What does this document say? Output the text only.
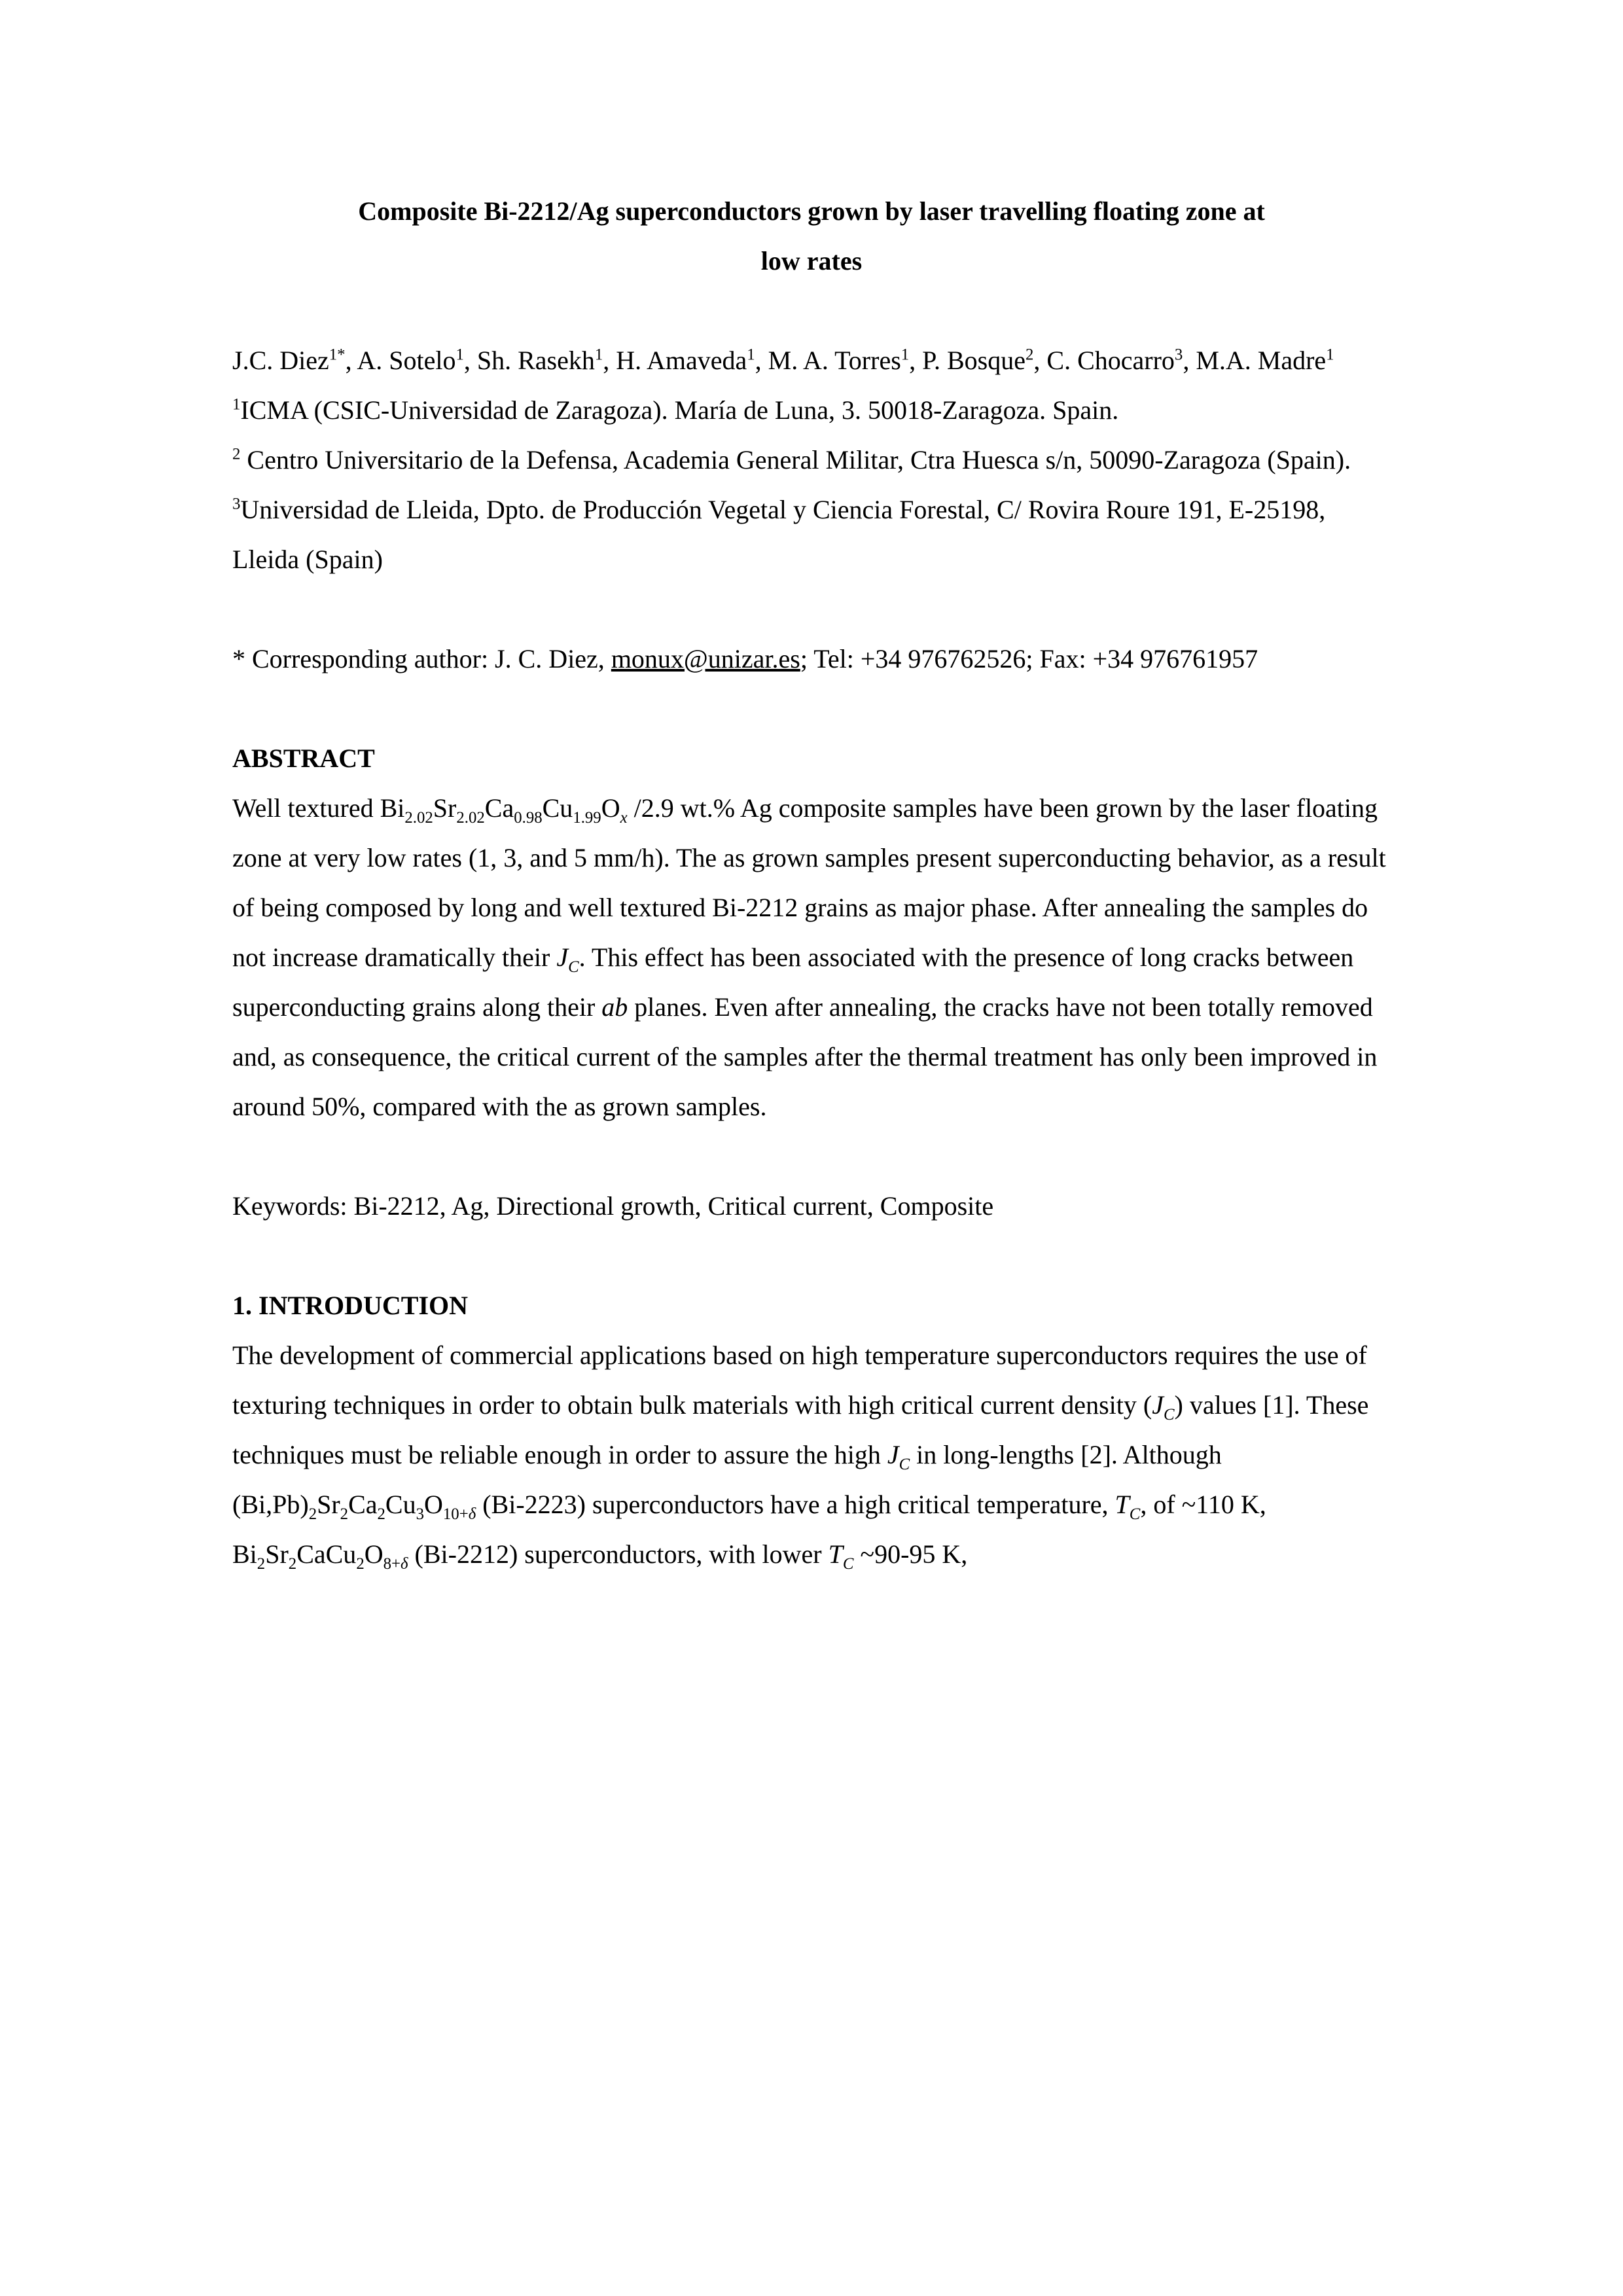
Composite Bi-2212/Ag superconductors grown by laser travelling floating zone at
low rates
J.C. Diez$^{1*}$, A. Sotelo$^1$, Sh. Rasekh$^1$, H. Amaveda$^1$, M. A. Torres$^1$, P. Bosque$^2$, C. Chocarro$^3$, M.A. Madre$^1$
$^1$ICMA (CSIC-Universidad de Zaragoza). María de Luna, 3. 50018-Zaragoza. Spain.
$^2$ Centro Universitario de la Defensa, Academia General Militar, Ctra Huesca s/n, 50090-Zaragoza (Spain).
$^3$Universidad de Lleida, Dpto. de Producción Vegetal y Ciencia Forestal, C/ Rovira Roure 191, E-25198, Lleida (Spain)
* Corresponding author: J. C. Diez, monux@unizar.es; Tel: +34 976762526; Fax: +34 976761957
ABSTRACT
Well textured $Bi_{2.02}Sr_{2.02}Ca_{0.98}Cu_{1.99}O_x$ /2.9 wt.% Ag composite samples have been grown by the laser floating zone at very low rates (1, 3, and 5 mm/h). The as grown samples present superconducting behavior, as a result of being composed by long and well textured Bi-2212 grains as major phase. After annealing the samples do not increase dramatically their $J_C$. This effect has been associated with the presence of long cracks between superconducting grains along their ab planes. Even after annealing, the cracks have not been totally removed and, as consequence, the critical current of the samples after the thermal treatment has only been improved in around 50%, compared with the as grown samples.
Keywords: Bi-2212, Ag, Directional growth, Critical current, Composite
1. INTRODUCTION
The development of commercial applications based on high temperature superconductors requires the use of texturing techniques in order to obtain bulk materials with high critical current density $(J_C)$ values [1]. These techniques must be reliable enough in order to assure the high $J_C$ in long-lengths [2]. Although $(Bi,Pb)_2Sr_2Ca_2Cu_3O_{10+\delta}$ (Bi-2223) superconductors have a high critical temperature, $T_C$, of ~110 K, $Bi_2Sr_2CaCu_2O_{8+\delta}$ (Bi-2212) superconductors, with lower $T_C$ ~90-95 K,
